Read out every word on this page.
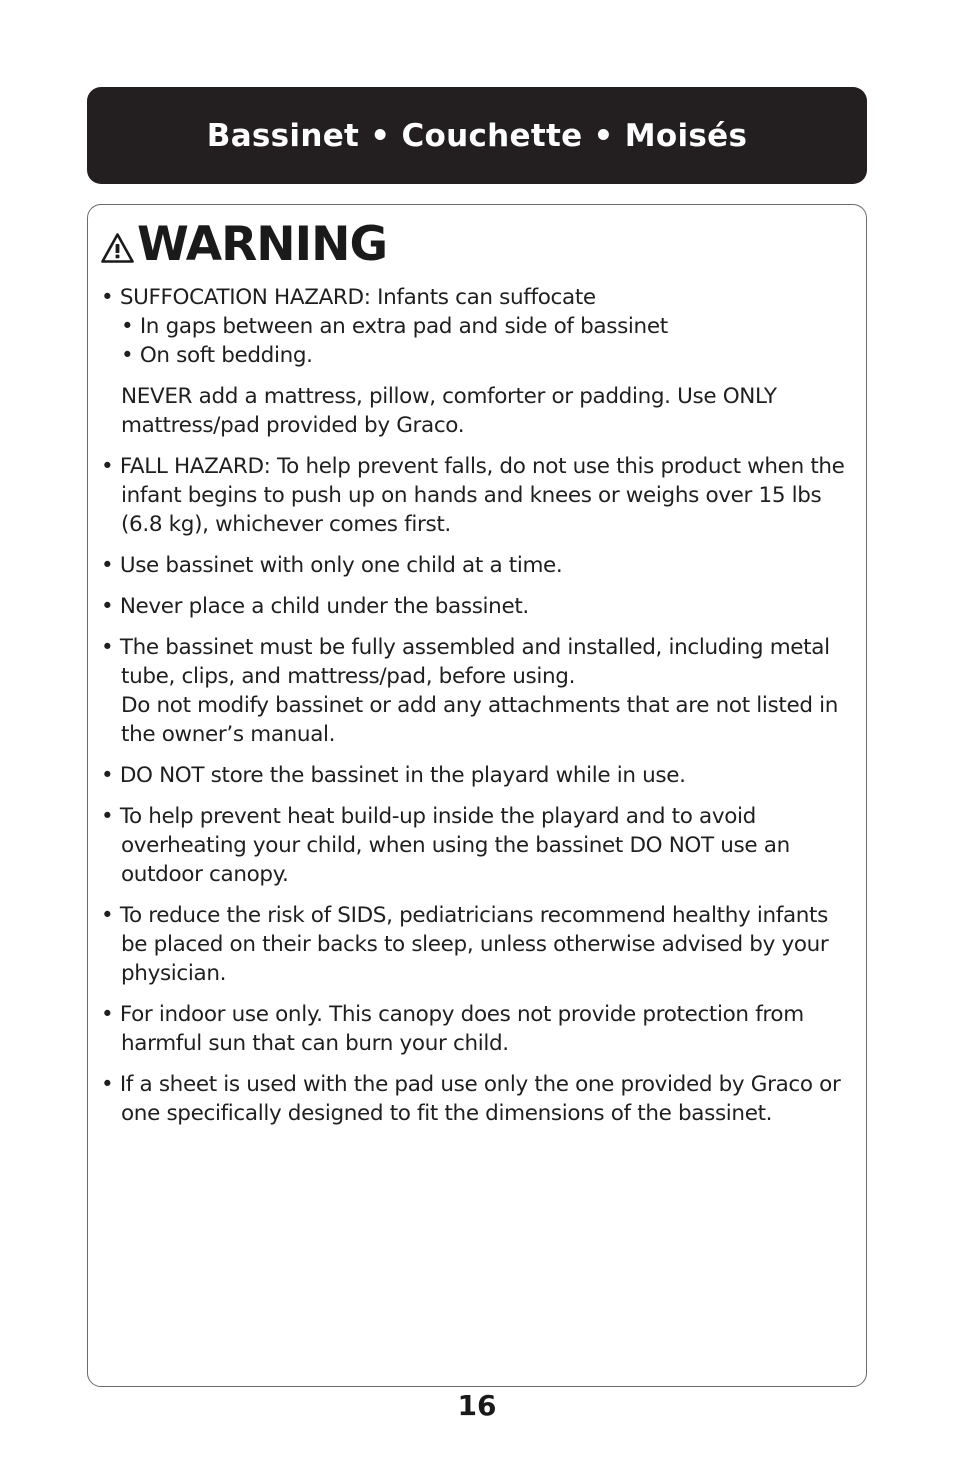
Bassinet • Couchette • Moisés
WARNING
• SUFFOCATION HAZARD: Infants can suffocate
• In gaps between an extra pad and side of bassinet
• On soft bedding.
NEVER add a mattress, pillow, comforter or padding. Use ONLY mattress/pad provided by Graco.
• FALL HAZARD: To help prevent falls, do not use this product when the infant begins to push up on hands and knees or weighs over 15 lbs (6.8 kg), whichever comes first.
• Use bassinet with only one child at a time.
• Never place a child under the bassinet.
• The bassinet must be fully assembled and installed, including metal tube, clips, and mattress/pad, before using.
Do not modify bassinet or add any attachments that are not listed in the owner’s manual.
• DO NOT store the bassinet in the playard while in use.
• To help prevent heat build-up inside the playard and to avoid overheating your child, when using the bassinet DO NOT use an outdoor canopy.
• To reduce the risk of SIDS, pediatricians recommend healthy infants be placed on their backs to sleep, unless otherwise advised by your physician.
• For indoor use only. This canopy does not provide protection from harmful sun that can burn your child.
• If a sheet is used with the pad use only the one provided by Graco or one specifically designed to fit the dimensions of the bassinet.
16
